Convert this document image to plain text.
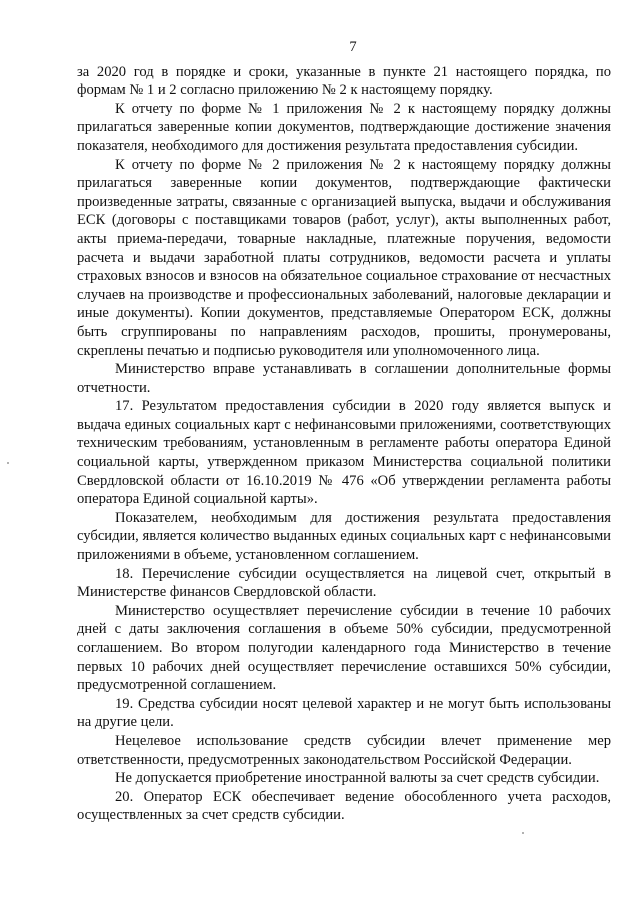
7

за 2020 год в порядке и сроки, указанные в пункте 21 настоящего порядка, по формам № 1 и 2 согласно приложению № 2 к настоящему порядку.

К отчету по форме № 1 приложения № 2 к настоящему порядку должны прилагаться заверенные копии документов, подтверждающие достижение значения показателя, необходимого для достижения результата предоставления субсидии.

К отчету по форме № 2 приложения № 2 к настоящему порядку должны прилагаться заверенные копии документов, подтверждающие фактически произведенные затраты, связанные с организацией выпуска, выдачи и обслуживания ЕСК (договоры с поставщиками товаров (работ, услуг), акты выполненных работ, акты приема-передачи, товарные накладные, платежные поручения, ведомости расчета и выдачи заработной платы сотрудников, ведомости расчета и уплаты страховых взносов и взносов на обязательное социальное страхование от несчастных случаев на производстве и профессиональных заболеваний, налоговые декларации и иные документы). Копии документов, представляемые Оператором ЕСК, должны быть сгруппированы по направлениям расходов, прошиты, пронумерованы, скреплены печатью и подписью руководителя или уполномоченного лица.

Министерство вправе устанавливать в соглашении дополнительные формы отчетности.

17. Результатом предоставления субсидии в 2020 году является выпуск и выдача единых социальных карт с нефинансовыми приложениями, соответствующих техническим требованиям, установленным в регламенте работы оператора Единой социальной карты, утвержденном приказом Министерства социальной политики Свердловской области от 16.10.2019 № 476 «Об утверждении регламента работы оператора Единой социальной карты».

Показателем, необходимым для достижения результата предоставления субсидии, является количество выданных единых социальных карт с нефинансовыми приложениями в объеме, установленном соглашением.

18. Перечисление субсидии осуществляется на лицевой счет, открытый в Министерстве финансов Свердловской области.

Министерство осуществляет перечисление субсидии в течение 10 рабочих дней с даты заключения соглашения в объеме 50% субсидии, предусмотренной соглашением. Во втором полугодии календарного года Министерство в течение первых 10 рабочих дней осуществляет перечисление оставшихся 50% субсидии, предусмотренной соглашением.

19. Средства субсидии носят целевой характер и не могут быть использованы на другие цели.

Нецелевое использование средств субсидии влечет применение мер ответственности, предусмотренных законодательством Российской Федерации.

Не допускается приобретение иностранной валюты за счет средств субсидии.

20. Оператор ЕСК обеспечивает ведение обособленного учета расходов, осуществленных за счет средств субсидии.
